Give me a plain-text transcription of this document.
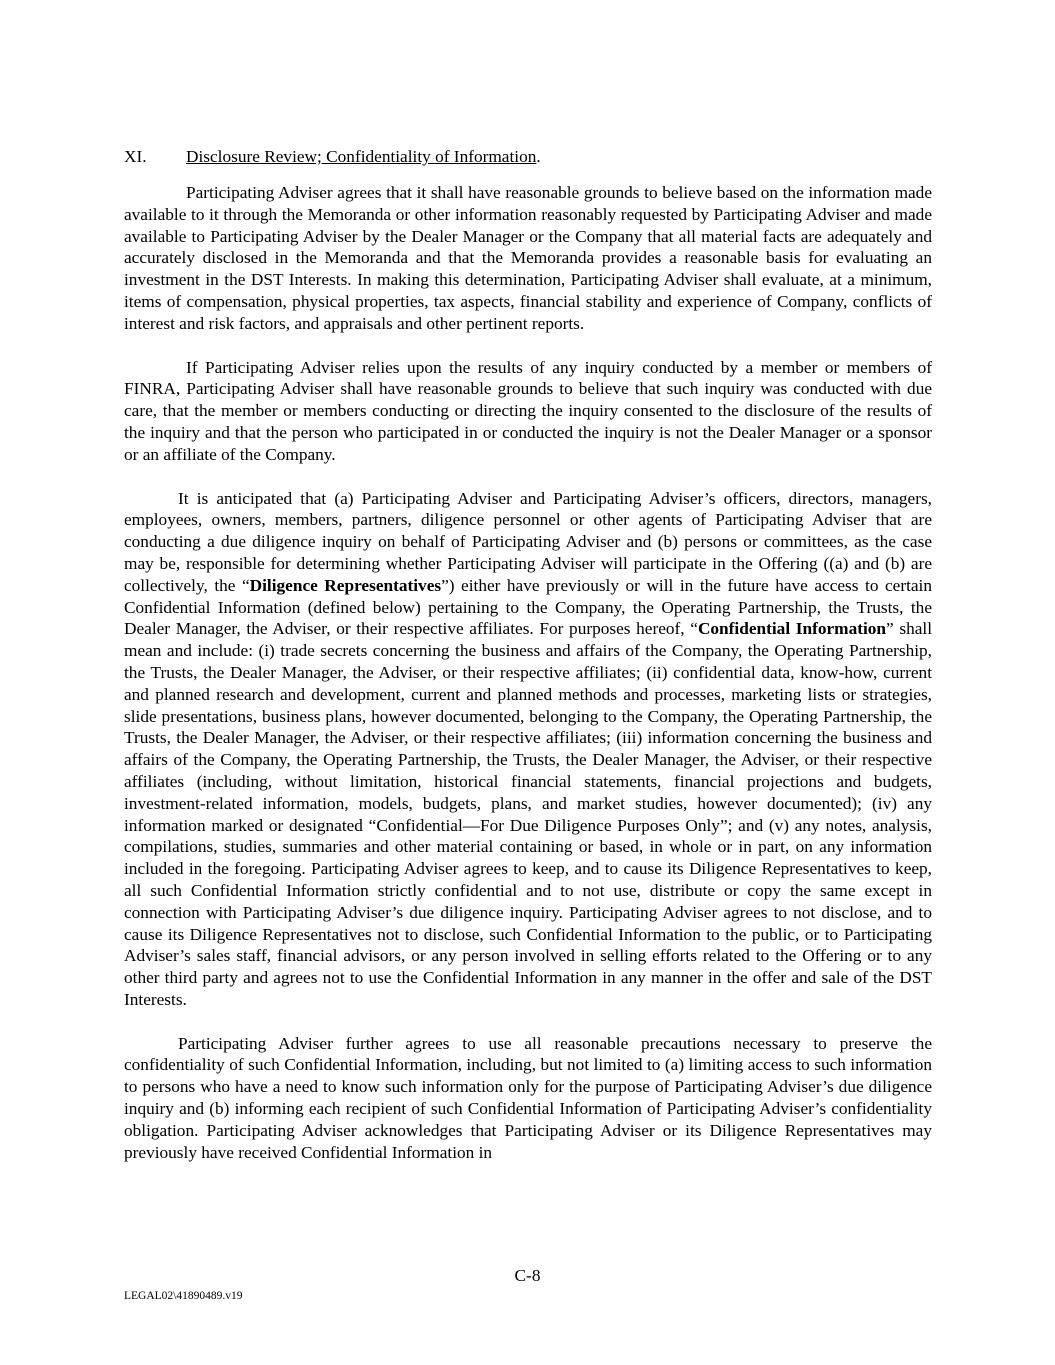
XI. Disclosure Review; Confidentiality of Information.

Participating Adviser agrees that it shall have reasonable grounds to believe based on the information made available to it through the Memoranda or other information reasonably requested by Participating Adviser and made available to Participating Adviser by the Dealer Manager or the Company that all material facts are adequately and accurately disclosed in the Memoranda and that the Memoranda provides a reasonable basis for evaluating an investment in the DST Interests. In making this determination, Participating Adviser shall evaluate, at a minimum, items of compensation, physical properties, tax aspects, financial stability and experience of Company, conflicts of interest and risk factors, and appraisals and other pertinent reports.

If Participating Adviser relies upon the results of any inquiry conducted by a member or members of FINRA, Participating Adviser shall have reasonable grounds to believe that such inquiry was conducted with due care, that the member or members conducting or directing the inquiry consented to the disclosure of the results of the inquiry and that the person who participated in or conducted the inquiry is not the Dealer Manager or a sponsor or an affiliate of the Company.

It is anticipated that (a) Participating Adviser and Participating Adviser’s officers, directors, managers, employees, owners, members, partners, diligence personnel or other agents of Participating Adviser that are conducting a due diligence inquiry on behalf of Participating Adviser and (b) persons or committees, as the case may be, responsible for determining whether Participating Adviser will participate in the Offering ((a) and (b) are collectively, the “Diligence Representatives”) either have previously or will in the future have access to certain Confidential Information (defined below) pertaining to the Company, the Operating Partnership, the Trusts, the Dealer Manager, the Adviser, or their respective affiliates. For purposes hereof, “Confidential Information” shall mean and include: (i) trade secrets concerning the business and affairs of the Company, the Operating Partnership, the Trusts, the Dealer Manager, the Adviser, or their respective affiliates; (ii) confidential data, know-how, current and planned research and development, current and planned methods and processes, marketing lists or strategies, slide presentations, business plans, however documented, belonging to the Company, the Operating Partnership, the Trusts, the Dealer Manager, the Adviser, or their respective affiliates; (iii) information concerning the business and affairs of the Company, the Operating Partnership, the Trusts, the Dealer Manager, the Adviser, or their respective affiliates (including, without limitation, historical financial statements, financial projections and budgets, investment-related information, models, budgets, plans, and market studies, however documented); (iv) any information marked or designated “Confidential—For Due Diligence Purposes Only”; and (v) any notes, analysis, compilations, studies, summaries and other material containing or based, in whole or in part, on any information included in the foregoing. Participating Adviser agrees to keep, and to cause its Diligence Representatives to keep, all such Confidential Information strictly confidential and to not use, distribute or copy the same except in connection with Participating Adviser’s due diligence inquiry. Participating Adviser agrees to not disclose, and to cause its Diligence Representatives not to disclose, such Confidential Information to the public, or to Participating Adviser’s sales staff, financial advisors, or any person involved in selling efforts related to the Offering or to any other third party and agrees not to use the Confidential Information in any manner in the offer and sale of the DST Interests.

Participating Adviser further agrees to use all reasonable precautions necessary to preserve the confidentiality of such Confidential Information, including, but not limited to (a) limiting access to such information to persons who have a need to know such information only for the purpose of Participating Adviser’s due diligence inquiry and (b) informing each recipient of such Confidential Information of Participating Adviser’s confidentiality obligation. Participating Adviser acknowledges that Participating Adviser or its Diligence Representatives may previously have received Confidential Information in

C-8
LEGAL02\41890489.v19
